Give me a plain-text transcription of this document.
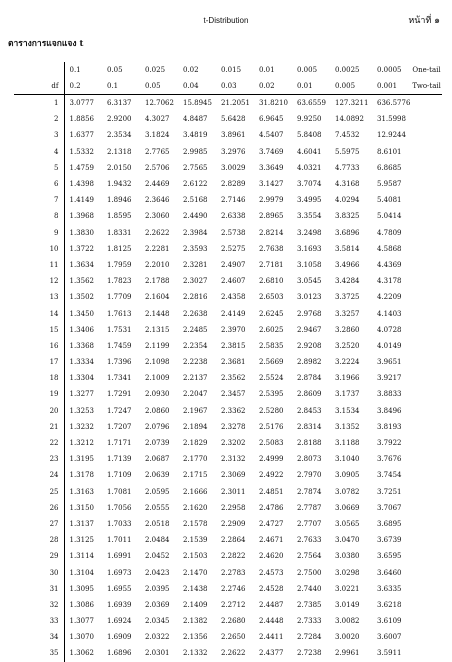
t-Distribution	หน้าที่ ๑
ตารางการแจกแจง t
	0.1	0.05	0.025	0.02	0.015	0.01	0.005	0.0025	0.0005	One-tail
df	0.2	0.1	0.05	0.04	0.03	0.02	0.01	0.005	0.001	Two-tail
1	3.0777	6.3137	12.7062	15.8945	21.2051	31.8210	63.6559	127.3211	636.5776	
2	1.8856	2.9200	4.3027	4.8487	5.6428	6.9645	9.9250	14.0892	31.5998	
3	1.6377	2.3534	3.1824	3.4819	3.8961	4.5407	5.8408	7.4532	12.9244	
4	1.5332	2.1318	2.7765	2.9985	3.2976	3.7469	4.6041	5.5975	8.6101	
5	1.4759	2.0150	2.5706	2.7565	3.0029	3.3649	4.0321	4.7733	6.8685	
6	1.4398	1.9432	2.4469	2.6122	2.8289	3.1427	3.7074	4.3168	5.9587	
7	1.4149	1.8946	2.3646	2.5168	2.7146	2.9979	3.4995	4.0294	5.4081	
8	1.3968	1.8595	2.3060	2.4490	2.6338	2.8965	3.3554	3.8325	5.0414	
9	1.3830	1.8331	2.2622	2.3984	2.5738	2.8214	3.2498	3.6896	4.7809	
10	1.3722	1.8125	2.2281	2.3593	2.5275	2.7638	3.1693	3.5814	4.5868	
11	1.3634	1.7959	2.2010	2.3281	2.4907	2.7181	3.1058	3.4966	4.4369	
12	1.3562	1.7823	2.1788	2.3027	2.4607	2.6810	3.0545	3.4284	4.3178	
13	1.3502	1.7709	2.1604	2.2816	2.4358	2.6503	3.0123	3.3725	4.2209	
14	1.3450	1.7613	2.1448	2.2638	2.4149	2.6245	2.9768	3.3257	4.1403	
15	1.3406	1.7531	2.1315	2.2485	2.3970	2.6025	2.9467	3.2860	4.0728	
16	1.3368	1.7459	2.1199	2.2354	2.3815	2.5835	2.9208	3.2520	4.0149	
17	1.3334	1.7396	2.1098	2.2238	2.3681	2.5669	2.8982	3.2224	3.9651	
18	1.3304	1.7341	2.1009	2.2137	2.3562	2.5524	2.8784	3.1966	3.9217	
19	1.3277	1.7291	2.0930	2.2047	2.3457	2.5395	2.8609	3.1737	3.8833	
20	1.3253	1.7247	2.0860	2.1967	2.3362	2.5280	2.8453	3.1534	3.8496	
21	1.3232	1.7207	2.0796	2.1894	2.3278	2.5176	2.8314	3.1352	3.8193	
22	1.3212	1.7171	2.0739	2.1829	2.3202	2.5083	2.8188	3.1188	3.7922	
23	1.3195	1.7139	2.0687	2.1770	2.3132	2.4999	2.8073	3.1040	3.7676	
24	1.3178	1.7109	2.0639	2.1715	2.3069	2.4922	2.7970	3.0905	3.7454	
25	1.3163	1.7081	2.0595	2.1666	2.3011	2.4851	2.7874	3.0782	3.7251	
26	1.3150	1.7056	2.0555	2.1620	2.2958	2.4786	2.7787	3.0669	3.7067	
27	1.3137	1.7033	2.0518	2.1578	2.2909	2.4727	2.7707	3.0565	3.6895	
28	1.3125	1.7011	2.0484	2.1539	2.2864	2.4671	2.7633	3.0470	3.6739	
29	1.3114	1.6991	2.0452	2.1503	2.2822	2.4620	2.7564	3.0380	3.6595	
30	1.3104	1.6973	2.0423	2.1470	2.2783	2.4573	2.7500	3.0298	3.6460	
31	1.3095	1.6955	2.0395	2.1438	2.2746	2.4528	2.7440	3.0221	3.6335	
32	1.3086	1.6939	2.0369	2.1409	2.2712	2.4487	2.7385	3.0149	3.6218	
33	1.3077	1.6924	2.0345	2.1382	2.2680	2.4448	2.7333	3.0082	3.6109	
34	1.3070	1.6909	2.0322	2.1356	2.2650	2.4411	2.7284	3.0020	3.6007	
35	1.3062	1.6896	2.0301	2.1332	2.2622	2.4377	2.7238	2.9961	3.5911	
